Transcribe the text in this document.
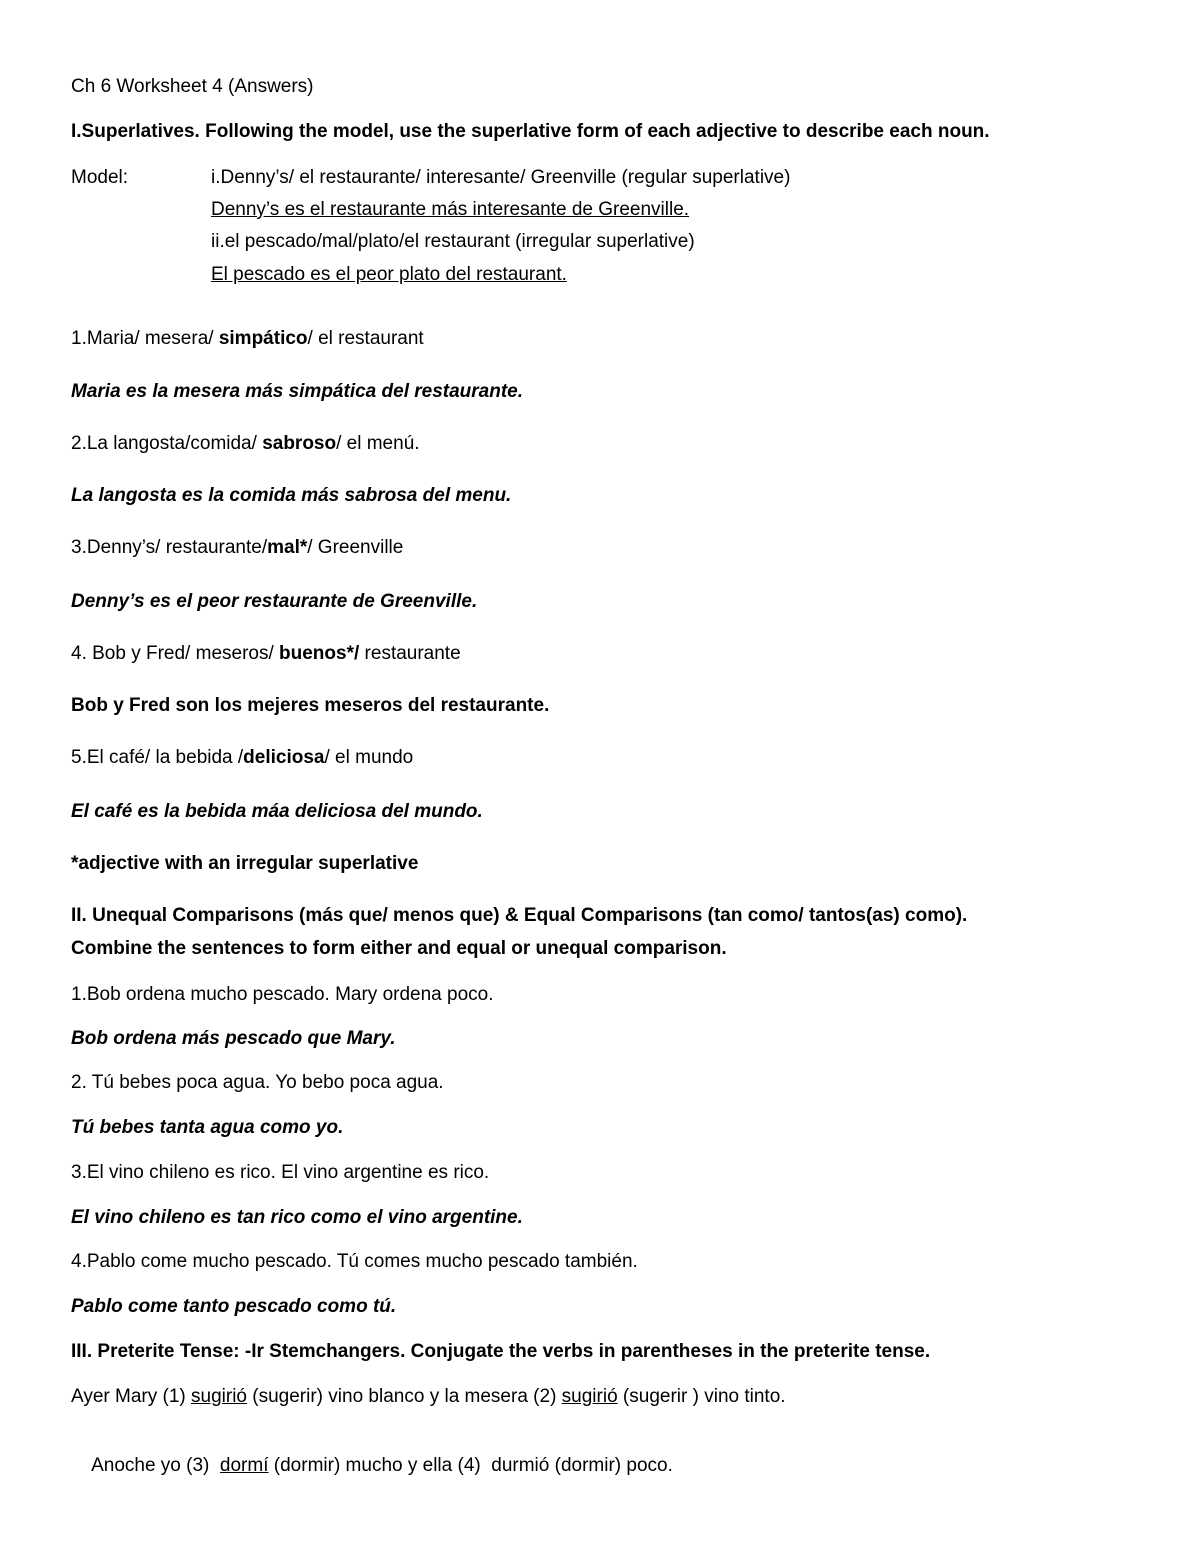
Ch 6 Worksheet 4 (Answers)
I.Superlatives. Following the model, use the superlative form of each adjective to describe each noun.
Model:	i.Denny’s/ el restaurante/ interesante/ Greenville (regular superlative)
Denny’s es el restaurante más interesante de Greenville.
ii.el pescado/mal/plato/el restaurant (irregular superlative)
El pescado es el peor plato del restaurant.
1.Maria/ mesera/ simpático/ el restaurant
Maria es la mesera más simpática del restaurante.
2.La langosta/comida/ sabroso/ el menú.
La langosta es la comida más sabrosa del menu.
3.Denny’s/ restaurante/mal*/ Greenville
Denny’s es el peor restaurante de Greenville.
4. Bob y Fred/ meseros/ buenos*/ restaurante
Bob y Fred son los mejeres meseros del restaurante.
5.El café/ la bebida /deliciosa/ el mundo
El café es la bebida máa deliciosa del mundo.
*adjective with an irregular superlative
II. Unequal Comparisons (más que/ menos que) & Equal Comparisons (tan como/ tantos(as) como).
Combine the sentences to form either and equal or unequal comparison.
1.Bob ordena mucho pescado. Mary ordena poco.
Bob ordena más pescado que Mary.
2. Tú bebes poca agua. Yo bebo poca agua.
Tú bebes tanta agua como yo.
3.El vino chileno es rico. El vino argentine es rico.
El vino chileno es tan rico como el vino argentine.
4.Pablo come mucho pescado. Tú comes mucho pescado también.
Pablo come tanto pescado como tú.
III. Preterite Tense: -Ir Stemchangers. Conjugate the verbs in parentheses in the preterite tense.
Ayer Mary (1) sugirió (sugerir) vino blanco y la mesera (2) sugirió (sugerir ) vino tinto.

Anoche yo (3)  dormí (dormir) mucho y ella (4)  durmió (dormir) poco.
